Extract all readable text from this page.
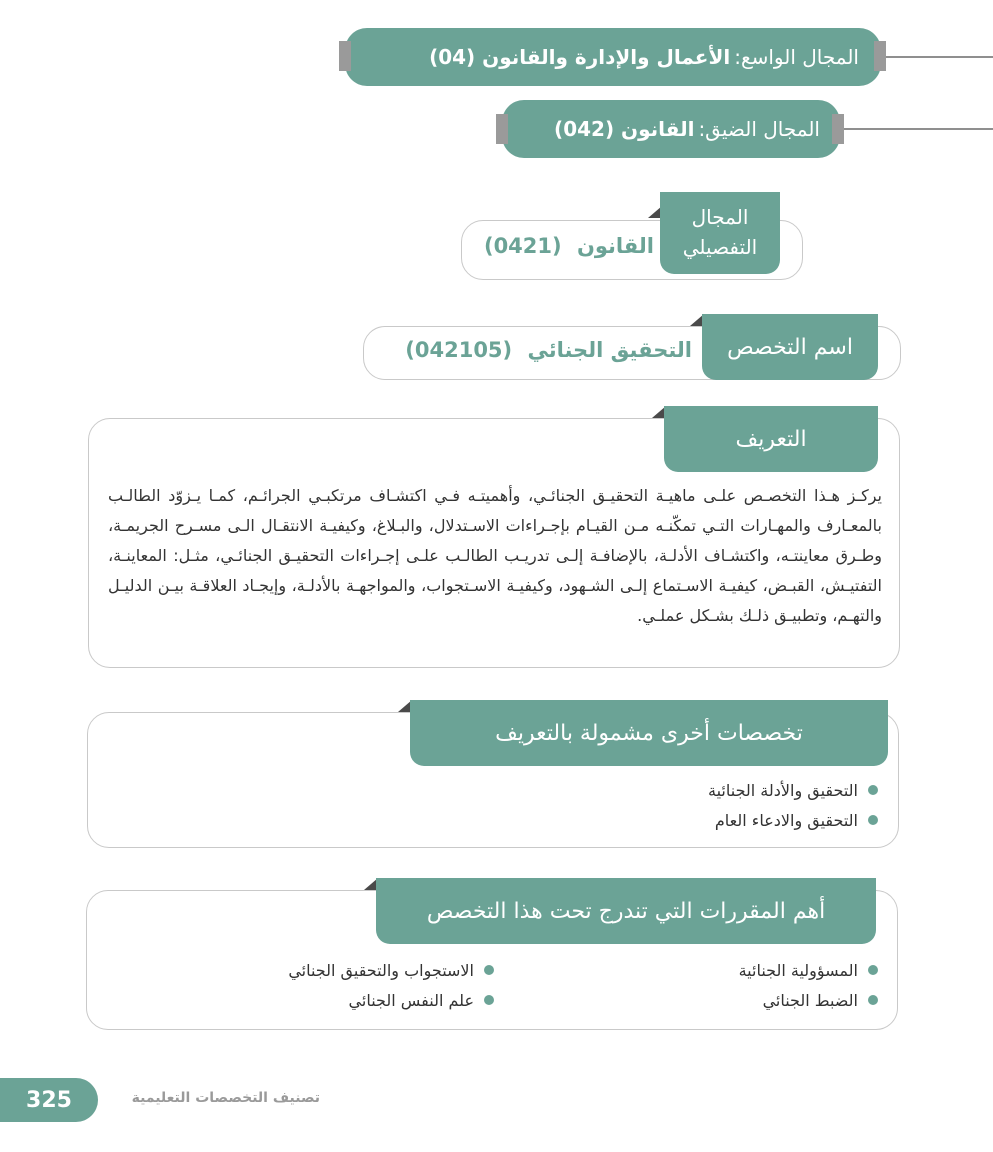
المجال الواسع:
الأعمال والإدارة والقانون (04)
المجال الضيق:
القانون (042)
المجال
التفصيلي
القانون (0421)
اسم التخصص
التحقيق الجنائي (042105)
التعريف
يركـز هـذا التخصـص علـى ماهيـة التحقيـق الجنائـي، وأهميتـه فـي اكتشـاف مرتكبـي الجرائـم، كمـا يـزوّد الطالـب بالمعـارف والمهـارات التـي تمكّنـه مـن القيـام بإجـراءات الاسـتدلال، والبـلاغ، وكيفيـة الانتقـال الـى مسـرح الجريمـة، وطـرق معاينتـه، واكتشـاف الأدلـة، بالإضافـة إلـى تدريـب الطالـب علـى إجـراءات التحقيـق الجنائـي، مثـل: المعاينـة، التفتيـش، القبـض، كيفيـة الاسـتماع إلـى الشـهود، وكيفيـة الاسـتجواب، والمواجهـة بالأدلـة، وإيجـاد العلاقـة بيـن الدليـل والتهـم، وتطبيـق ذلـك بشـكل عملـي.
تخصصات أخرى مشمولة بالتعريف
التحقيق والأدلة الجنائية
التحقيق والادعاء العام
أهم المقررات التي تندرج تحت هذا التخصص
المسؤولية الجنائية
الضبط الجنائي
الاستجواب والتحقيق الجنائي
علم النفس الجنائي
325	تصنيف التخصصات التعليمية
